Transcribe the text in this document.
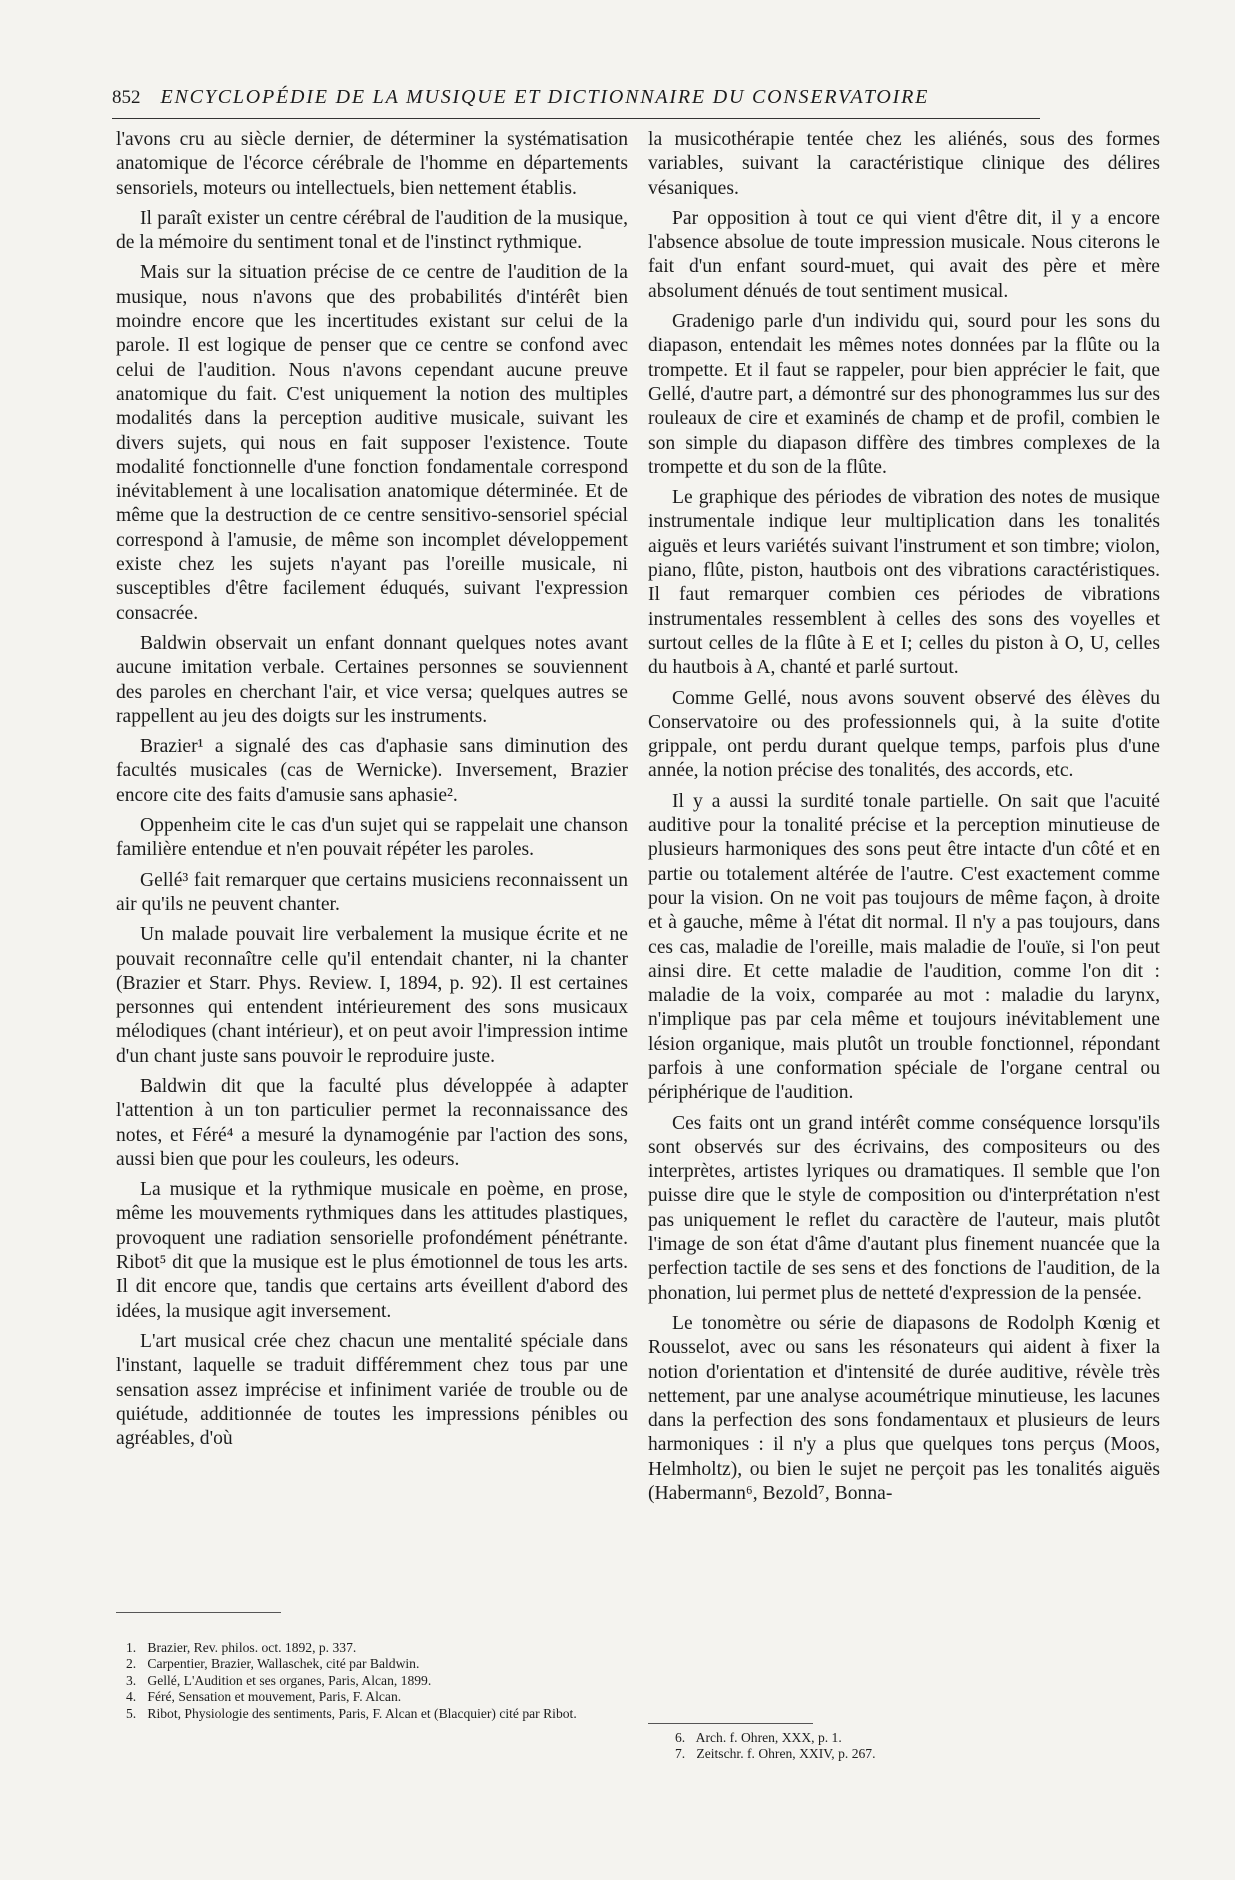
852 ENCYCLOPÉDIE DE LA MUSIQUE ET DICTIONNAIRE DU CONSERVATOIRE

l'avons cru au siècle dernier, de déterminer la systématisation anatomique de l'écorce cérébrale de l'homme en départements sensoriels, moteurs ou intellectuels, bien nettement établis.

Il paraît exister un centre cérébral de l'audition de la musique, de la mémoire du sentiment tonal et de l'instinct rythmique.

Mais sur la situation précise de ce centre de l'audition de la musique, nous n'avons que des probabilités d'intérêt bien moindre encore que les incertitudes existant sur celui de la parole. Il est logique de penser que ce centre se confond avec celui de l'audition. Nous n'avons cependant aucune preuve anatomique du fait. C'est uniquement la notion des multiples modalités dans la perception auditive musicale, suivant les divers sujets, qui nous en fait supposer l'existence. Toute modalité fonctionnelle d'une fonction fondamentale correspond inévitablement à une localisation anatomique déterminée. Et de même que la destruction de ce centre sensitivo-sensoriel spécial correspond à l'amusie, de même son incomplet développement existe chez les sujets n'ayant pas l'oreille musicale, ni susceptibles d'être facilement éduqués, suivant l'expression consacrée.

Baldwin observait un enfant donnant quelques notes avant aucune imitation verbale. Certaines personnes se souviennent des paroles en cherchant l'air, et vice versa; quelques autres se rappellent au jeu des doigts sur les instruments.

Brazier¹ a signalé des cas d'aphasie sans diminution des facultés musicales (cas de Wernicke). Inversement, Brazier encore cite des faits d'amusie sans aphasie².

Oppenheim cite le cas d'un sujet qui se rappelait une chanson familière entendue et n'en pouvait répéter les paroles.

Gellé³ fait remarquer que certains musiciens reconnaissent un air qu'ils ne peuvent chanter.

Un malade pouvait lire verbalement la musique écrite et ne pouvait reconnaître celle qu'il entendait chanter, ni la chanter (Brazier et Starr. Phys. Review. I, 1894, p. 92). Il est certaines personnes qui entendent intérieurement des sons musicaux mélodiques (chant intérieur), et on peut avoir l'impression intime d'un chant juste sans pouvoir le reproduire juste.

Baldwin dit que la faculté plus développée à adapter l'attention à un ton particulier permet la reconnaissance des notes, et Féré⁴ a mesuré la dynamogénie par l'action des sons, aussi bien que pour les couleurs, les odeurs.

La musique et la rythmique musicale en poème, en prose, même les mouvements rythmiques dans les attitudes plastiques, provoquent une radiation sensorielle profondément pénétrante. Ribot⁵ dit que la musique est le plus émotionnel de tous les arts. Il dit encore que, tandis que certains arts éveillent d'abord des idées, la musique agit inversement.

L'art musical crée chez chacun une mentalité spéciale dans l'instant, laquelle se traduit différemment chez tous par une sensation assez imprécise et infiniment variée de trouble ou de quiétude, additionnée de toutes les impressions pénibles ou agréables, d'où

la musicothérapie tentée chez les aliénés, sous des formes variables, suivant la caractéristique clinique des délires vésaniques.

Par opposition à tout ce qui vient d'être dit, il y a encore l'absence absolue de toute impression musicale. Nous citerons le fait d'un enfant sourd-muet, qui avait des père et mère absolument dénués de tout sentiment musical.

Gradenigo parle d'un individu qui, sourd pour les sons du diapason, entendait les mêmes notes données par la flûte ou la trompette. Et il faut se rappeler, pour bien apprécier le fait, que Gellé, d'autre part, a démontré sur des phonogrammes lus sur des rouleaux de cire et examinés de champ et de profil, combien le son simple du diapason diffère des timbres complexes de la trompette et du son de la flûte.

Le graphique des périodes de vibration des notes de musique instrumentale indique leur multiplication dans les tonalités aiguës et leurs variétés suivant l'instrument et son timbre; violon, piano, flûte, piston, hautbois ont des vibrations caractéristiques. Il faut remarquer combien ces périodes de vibrations instrumentales ressemblent à celles des sons des voyelles et surtout celles de la flûte à E et I; celles du piston à O, U, celles du hautbois à A, chanté et parlé surtout.

Comme Gellé, nous avons souvent observé des élèves du Conservatoire ou des professionnels qui, à la suite d'otite grippale, ont perdu durant quelque temps, parfois plus d'une année, la notion précise des tonalités, des accords, etc.

Il y a aussi la surdité tonale partielle. On sait que l'acuité auditive pour la tonalité précise et la perception minutieuse de plusieurs harmoniques des sons peut être intacte d'un côté et en partie ou totalement altérée de l'autre. C'est exactement comme pour la vision. On ne voit pas toujours de même façon, à droite et à gauche, même à l'état dit normal. Il n'y a pas toujours, dans ces cas, maladie de l'oreille, mais maladie de l'ouïe, si l'on peut ainsi dire. Et cette maladie de l'audition, comme l'on dit : maladie de la voix, comparée au mot : maladie du larynx, n'implique pas par cela même et toujours inévitablement une lésion organique, mais plutôt un trouble fonctionnel, répondant parfois à une conformation spéciale de l'organe central ou périphérique de l'audition.

Ces faits ont un grand intérêt comme conséquence lorsqu'ils sont observés sur des écrivains, des compositeurs ou des interprètes, artistes lyriques ou dramatiques. Il semble que l'on puisse dire que le style de composition ou d'interprétation n'est pas uniquement le reflet du caractère de l'auteur, mais plutôt l'image de son état d'âme d'autant plus finement nuancée que la perfection tactile de ses sens et des fonctions de l'audition, de la phonation, lui permet plus de netteté d'expression de la pensée.

Le tonomètre ou série de diapasons de Rodolph Kœnig et Rousselot, avec ou sans les résonateurs qui aident à fixer la notion d'orientation et d'intensité de durée auditive, révèle très nettement, par une analyse acoumétrique minutieuse, les lacunes dans la perfection des sons fondamentaux et plusieurs de leurs harmoniques : il n'y a plus que quelques tons perçus (Moos, Helmholtz), ou bien le sujet ne perçoit pas les tonalités aiguës (Habermann⁶, Bezold⁷, Bonna-

1. Brazier, Rev. philos. oct. 1892, p. 337.

2. Carpentier, Brazier, Wallaschek, cité par Baldwin.

3. Gellé, L'Audition et ses organes, Paris, Alcan, 1899.

4. Féré, Sensation et mouvement, Paris, F. Alcan.

5. Ribot, Physiologie des sentiments, Paris, F. Alcan et (Blacquier) cité par Ribot.

6. Arch. f. Ohren, XXX, p. 1.

7. Zeitschr. f. Ohren, XXIV, p. 267.
